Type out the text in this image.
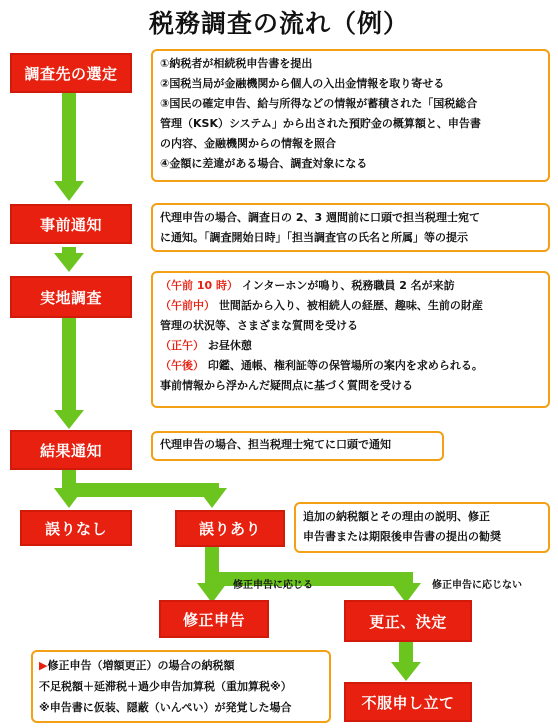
税務調査の流れ（例）
調査先の選定
①納税者が相続税申告書を提出
②国税当局が金融機関から個人の入出金情報を取り寄せる
③国民の確定申告、給与所得などの情報が蓄積された「国税総合
管理（KSK）システム」から出された預貯金の概算額と、申告書
の内容、金融機関からの情報を照合
④金額に差違がある場合、調査対象になる
事前通知	代理申告の場合、調査日の 2、3 週間前に口頭で担当税理士宛て
に通知。「調査開始日時」「担当調査官の氏名と所属」等の提示
実地調査
（午前 10 時） インターホンが鳴り、税務職員 2 名が来訪
（午前中） 世間話から入り、被相続人の経歴、趣味、生前の財産
管理の状況等、さまざまな質問を受ける
（正午） お昼休憩
（午後） 印鑑、通帳、権利証等の保管場所の案内を求められる。
事前情報から浮かんだ疑問点に基づく質問を受ける
結果通知	代理申告の場合、担当税理士宛てに口頭で通知
誤りなし	誤りあり
追加の納税額とその理由の説明、修正
申告書または期限後申告書の提出の勧奨
修正申告に応じる	修正申告に応じない
修正申告	更正、決定
▶修正申告（増額更正）の場合の納税額
不足税額＋延滞税＋過少申告加算税（重加算税※）
※申告書に仮装、隠蔽（いんぺい）が発覚した場合	不服申し立て
